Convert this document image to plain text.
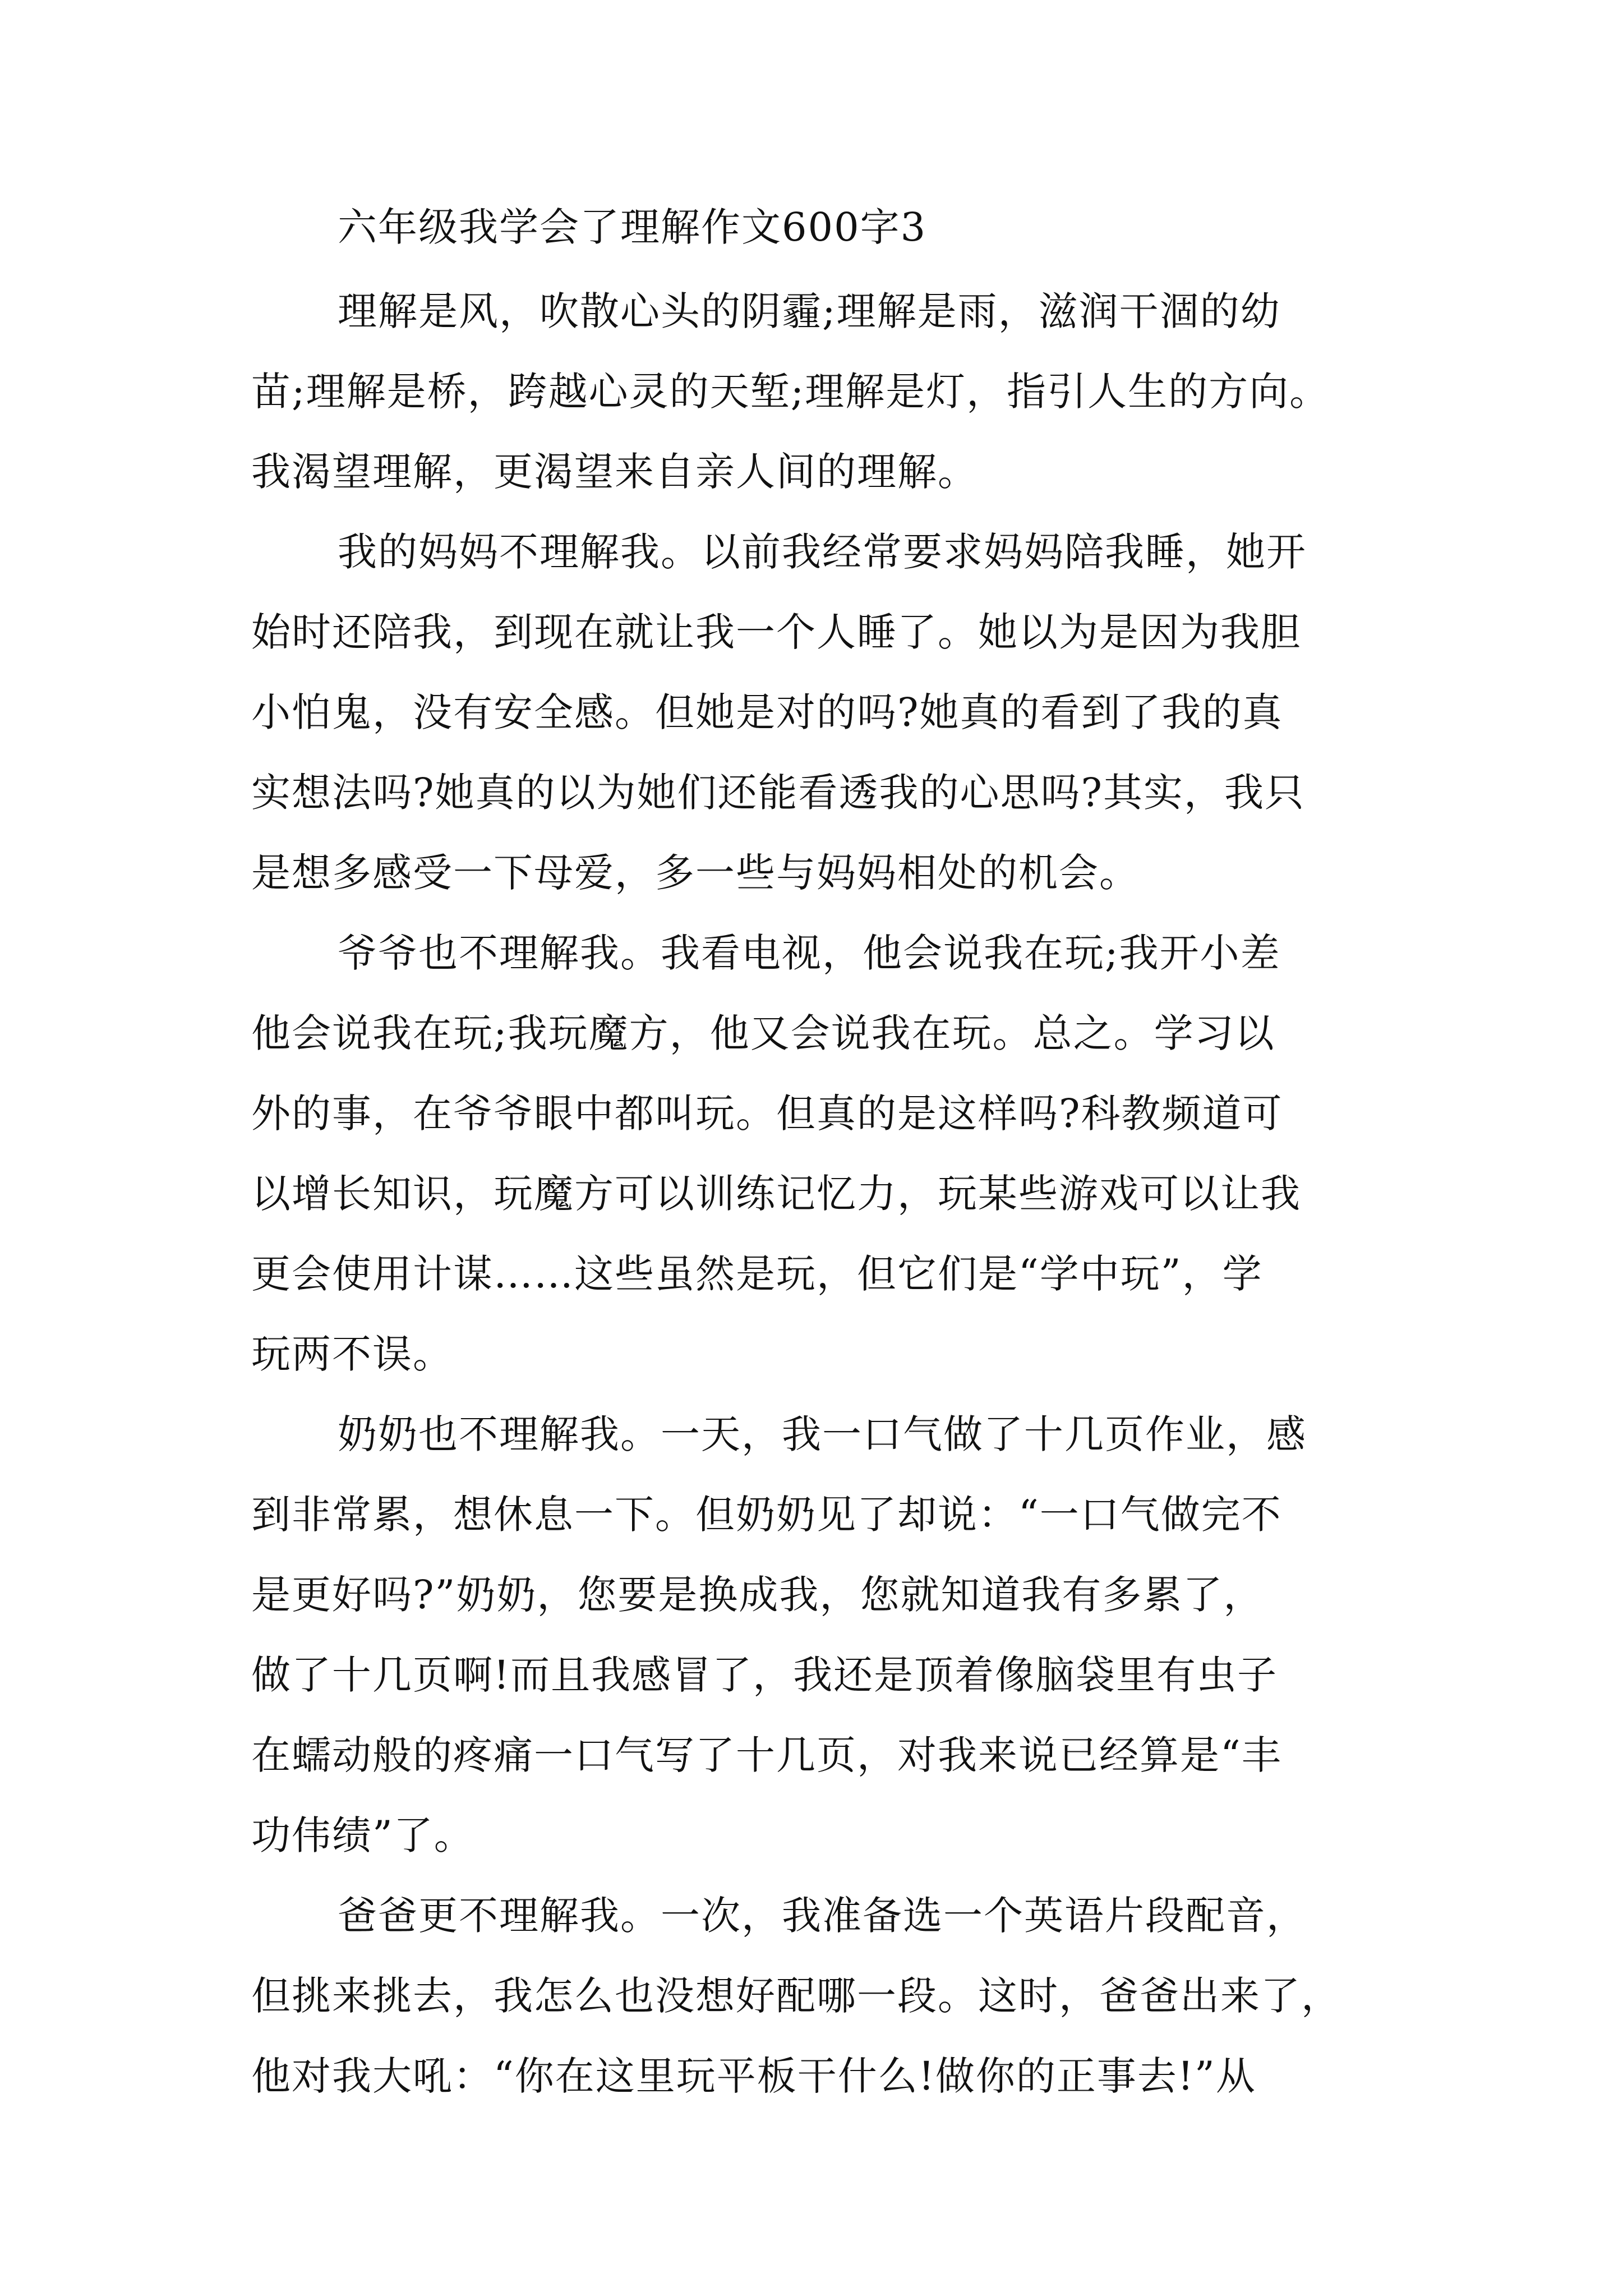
六年级我学会了理解作文600字3
理解是风，吹散心头的阴霾;理解是雨，滋润干涸的幼
苗;理解是桥，跨越心灵的天堑;理解是灯，指引人生的方向。
我渴望理解，更渴望来自亲人间的理解。
我的妈妈不理解我。以前我经常要求妈妈陪我睡，她开
始时还陪我，到现在就让我一个人睡了。她以为是因为我胆
小怕鬼，没有安全感。但她是对的吗?她真的看到了我的真
实想法吗?她真的以为她们还能看透我的心思吗?其实，我只
是想多感受一下母爱，多一些与妈妈相处的机会。
爷爷也不理解我。我看电视，他会说我在玩;我开小差
他会说我在玩;我玩魔方，他又会说我在玩。总之。学习以
外的事，在爷爷眼中都叫玩。但真的是这样吗?科教频道可
以增长知识，玩魔方可以训练记忆力，玩某些游戏可以让我
更会使用计谋……这些虽然是玩，但它们是“学中玩”，学
玩两不误。
奶奶也不理解我。一天，我一口气做了十几页作业，感
到非常累，想休息一下。但奶奶见了却说：“一口气做完不
是更好吗?”奶奶，您要是换成我，您就知道我有多累了，
做了十几页啊!而且我感冒了，我还是顶着像脑袋里有虫子
在蠕动般的疼痛一口气写了十几页，对我来说已经算是“丰
功伟绩”了。
爸爸更不理解我。一次，我准备选一个英语片段配音，
但挑来挑去，我怎么也没想好配哪一段。这时，爸爸出来了，
他对我大吼：“你在这里玩平板干什么!做你的正事去!”从
